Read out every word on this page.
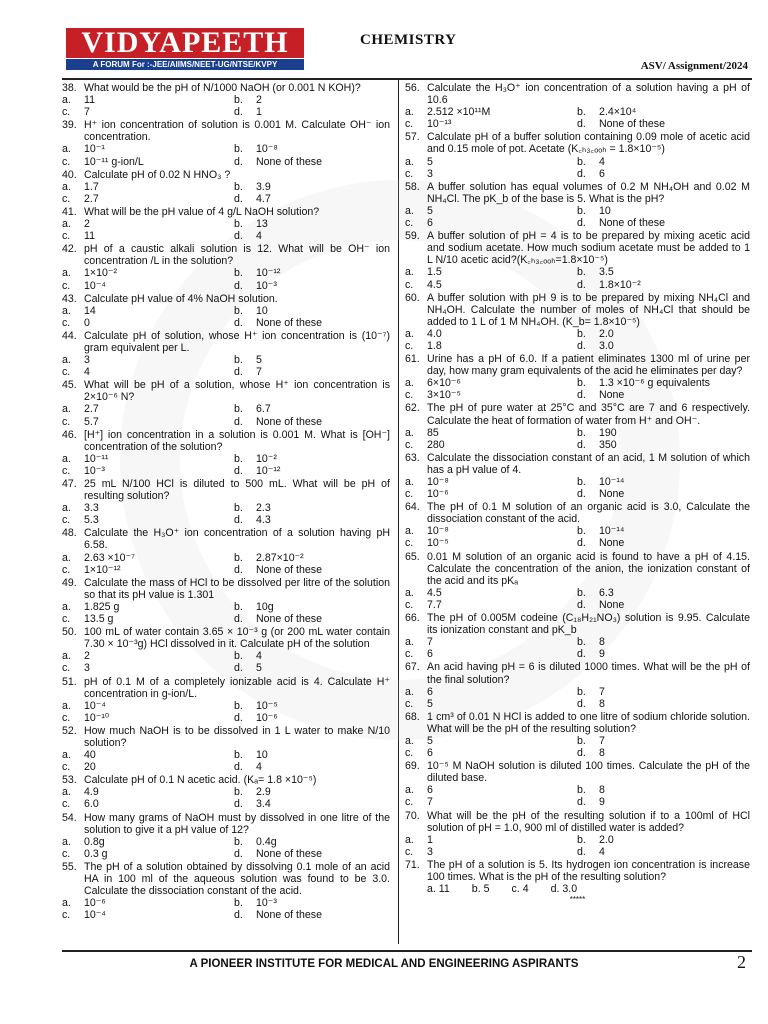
VIDYAPEETH
A FORUM For :-JEE/AIIMS/NEET-UG/NTSE/KVPY
CHEMISTRY
ASV/ Assignment/2024
38. What would be the pH of N/1000 NaOH (or 0.001 N KOH)?
a.	11	b.	2
c.	7	d.	1
39. H⁺ ion concentration of solution is 0.001 M. Calculate OH⁻ ion concentration.
a.	10⁻¹	b.	10⁻⁸
c.	10⁻¹¹ g-ion/L	d.	None of these
40. Calculate pH of 0.02 N HNO₃ ?
a.	1.7	b.	3.9
c.	2.7	d.	4.7
41. What will be the pH value of 4 g/L NaOH solution?
a.	2	b.	13
c.	11	d.	4
42. pH of a caustic alkali solution is 12. What will be OH⁻ ion concentration /L in the solution?
a.	1×10⁻²	b.	10⁻¹²
c.	10⁻⁴	d.	10⁻³
43. Calculate pH value of 4% NaOH solution.
a.	14	b.	10
c.	0	d.	None of these
44. Calculate pH of solution, whose H⁺ ion concentration is (10⁻⁷) gram equivalent per L.
a.	3	b.	5
c.	4	d.	7
45. What will be pH of a solution, whose H⁺ ion concentration is 2×10⁻⁶ N?
a.	2.7	b.	6.7
c.	5.7	d.	None of these
46. [H⁺] ion concentration in a solution is 0.001 M. What is [OH⁻] concentration of the solution?
a.	10⁻¹¹	b.	10⁻²
c.	10⁻³	d.	10⁻¹²
47. 25 mL N/100 HCl is diluted to 500 mL. What will be pH of resulting solution?
a.	3.3	b.	2.3
c.	5.3	d.	4.3
48. Calculate the H₃O⁺ ion concentration of a solution having pH 6.58.
a.	2.63 ×10⁻⁷	b.	2.87×10⁻²
c.	1×10⁻¹²	d.	None of these
49. Calculate the mass of HCl to be dissolved per litre of the solution so that its pH value is 1.301
a.	1.825 g	b.	10g
c.	13.5 g	d.	None of these
50. 100 mL of water contain 3.65 × 10⁻³ g (or 200 mL water contain 7.30 × 10⁻³g) HCl dissolved in it. Calculate pH of the solution
a.	2	b.	4
c.	3	d.	5
51. pH of 0.1 M of a completely ionizable acid is 4. Calculate H⁺ concentration in g-ion/L.
a.	10⁻⁴	b.	10⁻⁵
c.	10⁻¹⁰	d.	10⁻⁶
52. How much NaOH is to be dissolved in 1 L water to make N/10 solution?
a.	40	b.	10
c.	20	d.	4
53. Calculate pH of 0.1 N acetic acid. (Kₐ= 1.8 ×10⁻⁵)
a.	4.9	b.	2.9
c.	6.0	d.	3.4
54. How many grams of NaOH must by dissolved in one litre of the solution to give it a pH value of 12?
a.	0.8g	b.	0.4g
c.	0.3 g	d.	None of these
55. The pH of a solution obtained by dissolving 0.1 mole of an acid HA in 100 ml of the aqueous solution was found to be 3.0. Calculate the dissociation constant of the acid.
a.	10⁻⁶	b.	10⁻³
c.	10⁻⁴	d.	None of these
56. Calculate the H₃O⁺ ion concentration of a solution having a pH of 10.6
a.	2.512 ×10¹¹M	b.	2.4×10⁴
c.	10⁻¹³	d.	None of these
57. Calculate pH of a buffer solution containing 0.09 mole of acetic acid and 0.15 mole of pot. Acetate (K꜀ₕ₃꜀ₒₒₕ = 1.8×10⁻⁵)
a.	5	b.	4
c.	3	d.	6
58. A buffer solution has equal volumes of 0.2 M NH₄OH and 0.02 M NH₄Cl. The pK_b of the base is 5. What is the pH?
a.	5	b.	10
c.	6	d.	None of these
59. A buffer solution of pH = 4 is to be prepared by mixing acetic acid and sodium acetate. How much sodium acetate must be added to 1 L N/10 acetic acid?(K꜀ₕ₃꜀ₒₒₕ=1.8×10⁻⁵)
a.	1.5	b.	3.5
c.	4.5	d.	1.8×10⁻²
60. A buffer solution with pH 9 is to be prepared by mixing NH₄Cl and NH₄OH. Calculate the number of moles of NH₄Cl that should be added to 1 L of 1 M NH₄OH. (K_b= 1.8×10⁻⁵)
a.	4.0	b.	2.0
c.	1.8	d.	3.0
61. Urine has a pH of 6.0. If a patient eliminates 1300 ml of urine per day, how many gram equivalents of the acid he eliminates per day?
a.	6×10⁻⁶	b.	1.3 ×10⁻⁶ g equivalents
c.	3×10⁻⁵	d.	None
62. The pH of pure water at 25°C and 35°C are 7 and 6 respectively. Calculate the heat of formation of water from H⁺ and OH⁻.
a.	85	b.	190
c.	280	d.	350
63. Calculate the dissociation constant of an acid, 1 M solution of which has a pH value of 4.
a.	10⁻⁸	b.	10⁻¹⁴
c.	10⁻⁶	d.	None
64. The pH of 0.1 M solution of an organic acid is 3.0, Calculate the dissociation constant of the acid.
a.	10⁻⁸	b.	10⁻¹⁴
c.	10⁻⁵	d.	None
65. 0.01 M solution of an organic acid is found to have a pH of 4.15. Calculate the concentration of the anion, the ionization constant of the acid and its pKₐ
a.	4.5	b.	6.3
c.	7.7	d.	None
66. The pH of 0.005M codeine (C₁₈H₂₁NO₃) solution is 9.95. Calculate its ionization constant and pK_b
a.	7	b.	8
c.	6	d.	9
67. An acid having pH = 6 is diluted 1000 times. What will be the pH of the final solution?
a.	6	b.	7
c.	5	d.	8
68. 1 cm³ of 0.01 N HCl is added to one litre of sodium chloride solution. What will be the pH of the resulting solution?
a.	5	b.	7
c.	6	d.	8
69. 10⁻⁵ M NaOH solution is diluted 100 times. Calculate the pH of the diluted base.
a.	6	b.	8
c.	7	d.	9
70. What will be the pH of the resulting solution if to a 100ml of HCl solution of pH = 1.0, 900 ml of distilled water is added?
a.	1	b.	2.0
c.	3	d.	4
71. The pH of a solution is 5. Its hydrogen ion concentration is increase 100 times. What is the pH of the resulting solution?
a. 11 b. 5 c. 4 d. 3.0
*****
A PIONEER INSTITUTE FOR MEDICAL AND ENGINEERING ASPIRANTS	2
